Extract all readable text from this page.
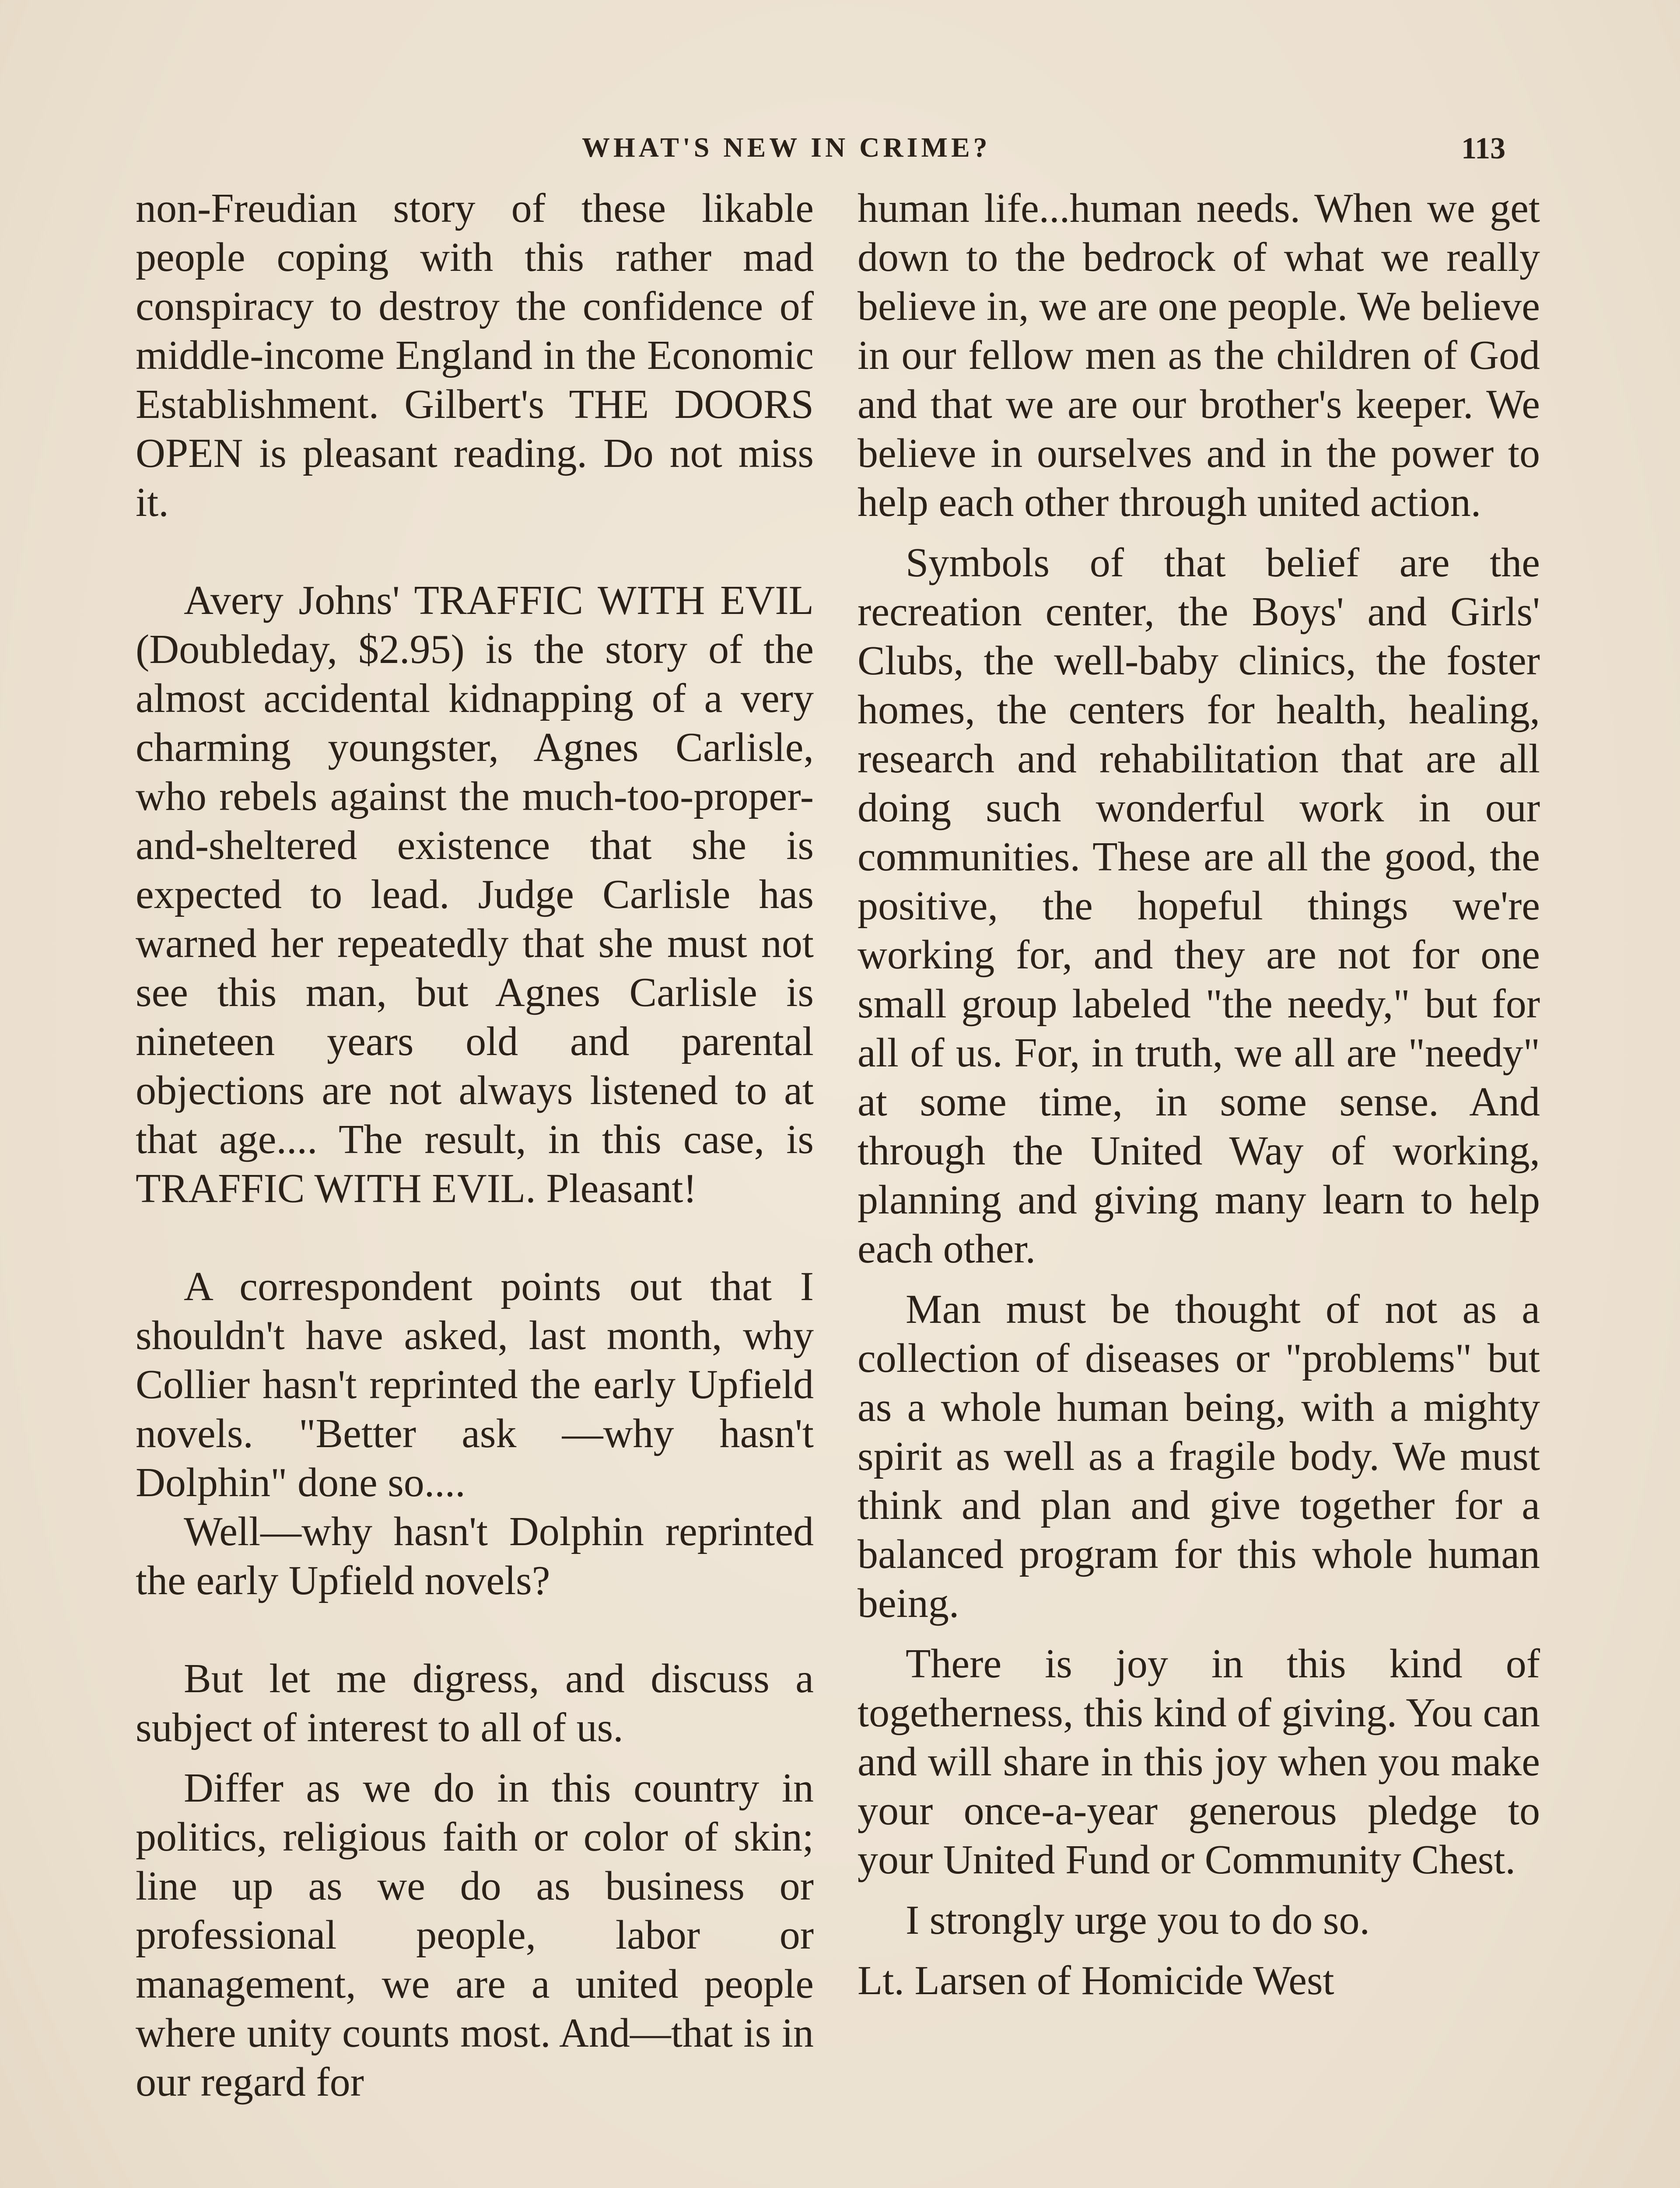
WHAT'S NEW IN CRIME?	113

non-Freudian story of these likable people coping with this rather mad conspiracy to destroy the confidence of middle-income England in the Economic Establishment. Gilbert's THE DOORS OPEN is pleasant reading. Do not miss it.

Avery Johns' TRAFFIC WITH EVIL (Doubleday, $2.95) is the story of the almost accidental kidnapping of a very charming youngster, Agnes Carlisle, who rebels against the much-too-proper-and-sheltered existence that she is expected to lead. Judge Carlisle has warned her repeatedly that she must not see this man, but Agnes Carlisle is nineteen years old and parental objections are not always listened to at that age.... The result, in this case, is TRAFFIC WITH EVIL. Pleasant!

A correspondent points out that I shouldn't have asked, last month, why Collier hasn't reprinted the early Upfield novels. "Better ask —why hasn't Dolphin" done so....

Well—why hasn't Dolphin reprinted the early Upfield novels?

But let me digress, and discuss a subject of interest to all of us.

Differ as we do in this country in politics, religious faith or color of skin; line up as we do as business or professional people, labor or management, we are a united people where unity counts most. And—that is in our regard for

human life...human needs. When we get down to the bedrock of what we really believe in, we are one people. We believe in our fellow men as the children of God and that we are our brother's keeper. We believe in ourselves and in the power to help each other through united action.

Symbols of that belief are the recreation center, the Boys' and Girls' Clubs, the well-baby clinics, the foster homes, the centers for health, healing, research and rehabilitation that are all doing such wonderful work in our communities. These are all the good, the positive, the hopeful things we're working for, and they are not for one small group labeled "the needy," but for all of us. For, in truth, we all are "needy" at some time, in some sense. And through the United Way of working, planning and giving many learn to help each other.

Man must be thought of not as a collection of diseases or "problems" but as a whole human being, with a mighty spirit as well as a fragile body. We must think and plan and give together for a balanced program for this whole human being.

There is joy in this kind of togetherness, this kind of giving. You can and will share in this joy when you make your once-a-year generous pledge to your United Fund or Community Chest.

I strongly urge you to do so.

Lt. Larsen of Homicide West
